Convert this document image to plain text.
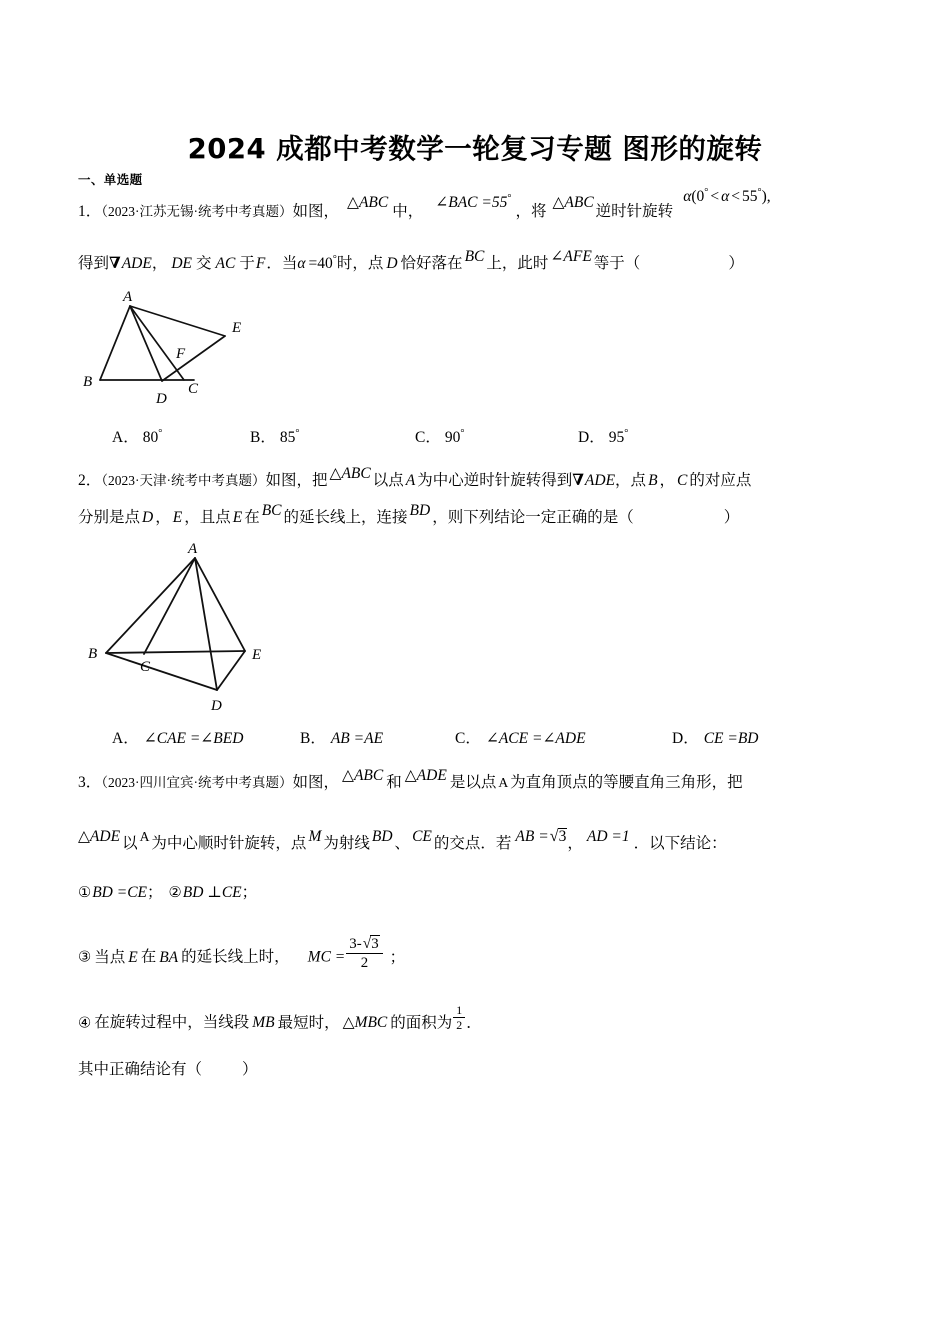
2024 成都中考数学一轮复习专题 图形的旋转
一、单选题
1．（2023·江苏无锡·统考中考真题）如图，△ABC中，∠BAC =55°，将△ABC逆时针旋转α(0° < α < 55°),
得到∇ADE， DE 交 AC 于F．当α =40°时，点 D 恰好落在 BC 上，此时 ∠AFE 等于（	）
A
B	C
D
E
F
A． 80°	B． 85°	C． 90°	D． 95°
2．（2023·天津·统考中考真题）如图，把 △ABC 以点 A 为中心逆时针旋转得到∇ADE，点 B ， C 的对应点
分别是点 D ， E ，且点 E 在 BC 的延长线上，连接 BD ，则下列结论一定正确的是（	）
A
B
C
D
E
A． ∠CAE =∠BED	B． AB =AE	C． ∠ACE =∠ADE	D． CE =BD
3．（2023·四川宜宾·统考中考真题）如图， △ABC 和 △ADE 是以点 A 为直角顶点的等腰直角三角形，把
△ADE 以 A 为中心顺时针旋转，点 M 为射线 BD 、 CE 的交点．若 AB =√3， AD =1 ．以下结论：
①BD =CE； ②BD ⊥CE；
③ 当点 E 在 BA 的延长线上时， MC = $\frac{3-√3}{2}$ ；
④ 在旋转过程中，当线段 MB 最短时， △MBC 的面积为 $\frac{1}{2}$ ．
其中正确结论有（	）
